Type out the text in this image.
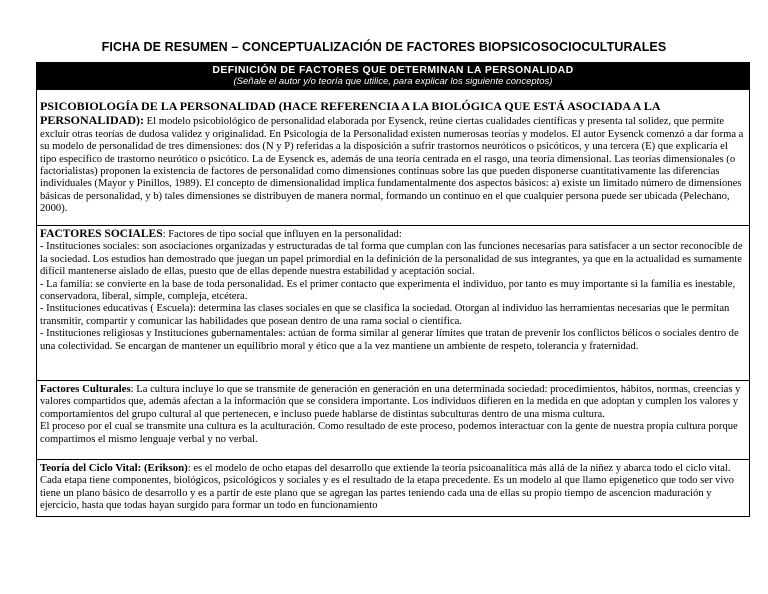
FICHA DE RESUMEN – CONCEPTUALIZACIÓN DE FACTORES BIOPSICOSOCIOCULTURALES
DEFINICIÓN DE FACTORES QUE DETERMINAN LA PERSONALIDAD
(Señale el autor y/o teoría que utilice, para explicar los siguiente conceptos)

PSICOBIOLOGÍA DE LA PERSONALIDAD (HACE REFERENCIA A LA BIOLÓGICA QUE ESTÁ ASOCIADA A LA PERSONALIDAD): El modelo psicobiológico de personalidad elaborada por Eysenck, reúne ciertas cualidades científicas y presenta tal solidez, que permite excluir otras teorías de dudosa validez y originalidad. En Psicología de la Personalidad existen numerosas teorías y modelos. El autor Eysenck comenzó a dar forma a su modelo de personalidad de tres dimensiones: dos (N y P) referidas a la disposición a sufrir trastornos neuróticos o psicóticos, y una tercera (E) que explicaría el tipo específico de trastorno neurótico o psicótico. La de Eysenck es, además de una teoría centrada en el rasgo, una teoría dimensional. Las teorías dimensionales (o factorialistas) proponen la existencia de factores de personalidad como dimensiones continuas sobre las que pueden disponerse cuantitativamente las diferencias individuales (Mayor y Pinillos, 1989). El concepto de dimensionalidad implica fundamentalmente dos aspectos básicos: a) existe un limitado número de dimensiones básicas de personalidad, y b) tales dimensiones se distribuyen de manera normal, formando un continuo en el que cualquier persona puede ser ubicada (Pelechano, 2000).

FACTORES SOCIALES: Factores de tipo social que influyen en la personalidad:

- Instituciones sociales: son asociaciones organizadas y estructuradas de tal forma que cumplan con las funciones necesarias para satisfacer a un sector reconocible de la sociedad. Los estudios han demostrado que juegan un papel primordial en la definición de la personalidad de sus integrantes, ya que en la actualidad es sumamente difícil mantenerse aislado de ellas, puesto que de ellas depende nuestra estabilidad y aceptación social.

- La familia: se convierte en la base de toda personalidad. Es el primer contacto que experimenta el individuo, por tanto es muy importante si la familia es inestable, conservadora, liberal, simple, compleja, etcétera.

- Instituciones educativas ( Escuela): determina las clases sociales en que se clasifica la sociedad. Otorgan al individuo las herramientas necesarias que le permitan transmitir, compartir y comunicar las habilidades que posean dentro de una rama social o científica.

- Instituciones religiosas y Instituciones gubernamentales: actúan de forma similar al generar límites que tratan de prevenir los conflictos bélicos o sociales dentro de una colectividad. Se encargan de mantener un equilibrio moral y ético que a la vez mantiene un ambiente de respeto, tolerancia y fraternidad.

Factores Culturales: La cultura incluye lo que se transmite de generación en generación en una determinada sociedad: procedimientos, hábitos, normas, creencias y valores compartidos que, además afectan a la información que se considera importante. Los individuos difieren en la medida en que adoptan y cumplen los valores y comportamientos del grupo cultural al que pertenecen, e incluso puede hablarse de distintas subculturas dentro de una misma cultura.

El proceso por el cual se transmite una cultura es la aculturación. Como resultado de este proceso, podemos interactuar con la gente de nuestra propia cultura porque compartimos el mismo lenguaje verbal y no verbal.

Teoría del Ciclo Vital: (Erikson): es el modelo de ocho etapas del desarrollo que extiende la teoría psicoanalítica más allá de la niñez y abarca todo el ciclo vital. Cada etapa tiene componentes, biológicos, psicológicos y sociales y es el resultado de la etapa precedente. Es un modelo al que llamo epigenetico que todo ser vivo tiene un plano básico de desarrollo y es a partir de este plano que se agregan las partes teniendo cada una de ellas su propio tiempo de ascencion maduración y ejercicio, hasta que todas hayan surgido para formar un todo en funcionamiento
